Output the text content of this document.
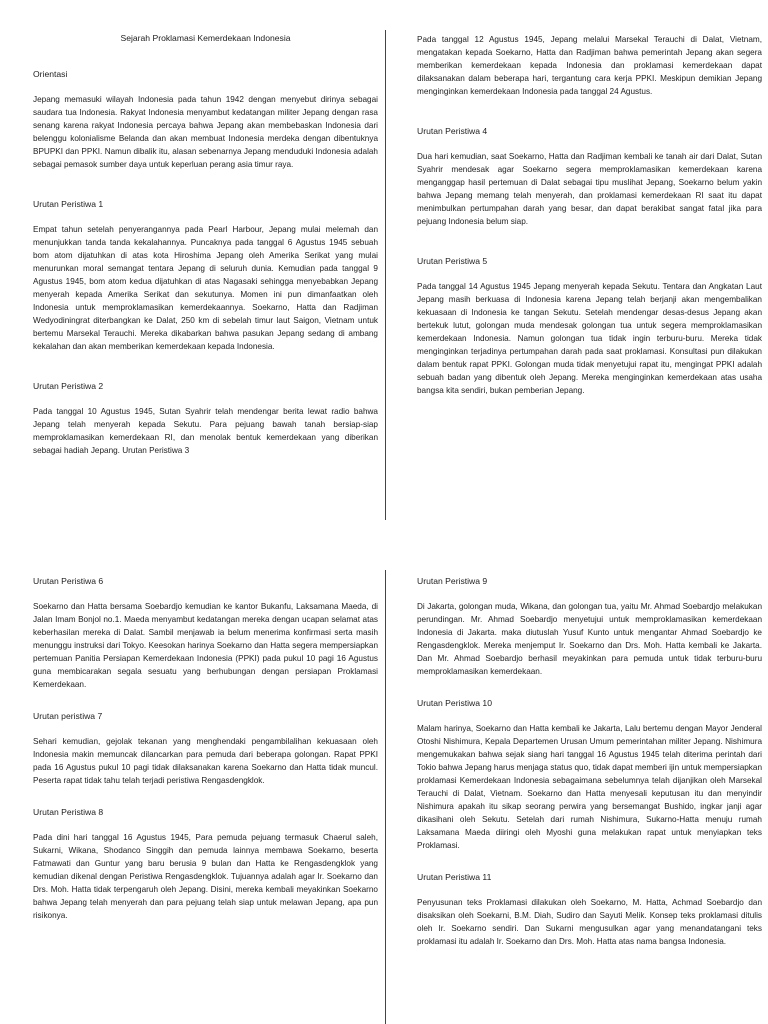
Sejarah Proklamasi Kemerdekaan Indonesia
Orientasi

Jepang memasuki wilayah Indonesia pada tahun 1942 dengan menyebut dirinya sebagai saudara tua Indonesia. Rakyat Indonesia menyambut kedatangan militer Jepang dengan rasa senang karena rakyat Indonesia percaya bahwa Jepang akan membebaskan Indonesia dari belenggu kolonialisme Belanda dan akan membuat Indonesia merdeka dengan dibentuknya BPUPKI dan PPKI. Namun dibalik itu, alasan sebenarnya Jepang menduduki Indonesia adalah sebagai pemasok sumber daya untuk keperluan perang asia timur raya.

Urutan Peristiwa 1

Empat tahun setelah penyerangannya pada Pearl Harbour, Jepang mulai melemah dan menunjukkan tanda tanda kekalahannya. Puncaknya pada tanggal 6 Agustus 1945 sebuah bom atom dijatuhkan di atas kota Hiroshima Jepang oleh Amerika Serikat yang mulai menurunkan moral semangat tentara Jepang di seluruh dunia. Kemudian pada tanggal 9 Agustus 1945, bom atom kedua dijatuhkan di atas Nagasaki sehingga menyebabkan Jepang menyerah kepada Amerika Serikat dan sekutunya. Momen ini pun dimanfaatkan oleh Indonesia untuk memproklamasikan kemerdekaannya. Soekarno, Hatta dan Radjiman Wedyodiningrat diterbangkan ke Dalat, 250 km di sebelah timur laut Saigon, Vietnam untuk bertemu Marsekal Terauchi. Mereka dikabarkan bahwa pasukan Jepang sedang di ambang kekalahan dan akan memberikan kemerdekaan kepada Indonesia.

Urutan Peristiwa 2

Pada tanggal 10 Agustus 1945, Sutan Syahrir telah mendengar berita lewat radio bahwa Jepang telah menyerah kepada Sekutu. Para pejuang bawah tanah bersiap-siap memproklamasikan kemerdekaan RI, dan menolak bentuk kemerdekaan yang diberikan sebagai hadiah Jepang. Urutan Peristiwa 3

Pada tanggal 12 Agustus 1945, Jepang melalui Marsekal Terauchi di Dalat, Vietnam, mengatakan kepada Soekarno, Hatta dan Radjiman bahwa pemerintah Jepang akan segera memberikan kemerdekaan kepada Indonesia dan proklamasi kemerdekaan dapat dilaksanakan dalam beberapa hari, tergantung cara kerja PPKI. Meskipun demikian Jepang menginginkan kemerdekaan Indonesia pada tanggal 24 Agustus.

Urutan Peristiwa 4

Dua hari kemudian, saat Soekarno, Hatta dan Radjiman kembali ke tanah air dari Dalat, Sutan Syahrir mendesak agar Soekarno segera memproklamasikan kemerdekaan karena menganggap hasil pertemuan di Dalat sebagai tipu muslihat Jepang, Soekarno belum yakin bahwa Jepang memang telah menyerah, dan proklamasi kemerdekaan RI saat itu dapat menimbulkan pertumpahan darah yang besar, dan dapat berakibat sangat fatal jika para pejuang Indonesia belum siap.

Urutan Peristiwa 5

Pada tanggal 14 Agustus 1945 Jepang menyerah kepada Sekutu. Tentara dan Angkatan Laut Jepang masih berkuasa di Indonesia karena Jepang telah berjanji akan mengembalikan kekuasaan di Indonesia ke tangan Sekutu. Setelah mendengar desas-desus Jepang akan bertekuk lutut, golongan muda mendesak golongan tua untuk segera memproklamasikan kemerdekaan Indonesia. Namun golongan tua tidak ingin terburu-buru. Mereka tidak menginginkan terjadinya pertumpahan darah pada saat proklamasi. Konsultasi pun dilakukan dalam bentuk rapat PPKI. Golongan muda tidak menyetujui rapat itu, mengingat PPKI adalah sebuah badan yang dibentuk oleh Jepang. Mereka menginginkan kemerdekaan atas usaha bangsa kita sendiri, bukan pemberian Jepang.

Urutan Peristiwa 6

Soekarno dan Hatta bersama Soebardjo kemudian ke kantor Bukanfu, Laksamana Maeda, di Jalan Imam Bonjol no.1. Maeda menyambut kedatangan mereka dengan ucapan selamat atas keberhasilan mereka di Dalat. Sambil menjawab ia belum menerima konfirmasi serta masih menunggu instruksi dari Tokyo. Keesokan harinya Soekarno dan Hatta segera mempersiapkan pertemuan Panitia Persiapan Kemerdekaan Indonesia (PPKI) pada pukul 10 pagi 16 Agustus guna membicarakan segala sesuatu yang berhubungan dengan persiapan Proklamasi Kemerdekaan.

Urutan peristiwa 7

Sehari kemudian, gejolak tekanan yang menghendaki pengambilalihan kekuasaan oleh Indonesia makin memuncak dilancarkan para pemuda dari beberapa golongan. Rapat PPKI pada 16 Agustus pukul 10 pagi tidak dilaksanakan karena Soekarno dan Hatta tidak muncul. Peserta rapat tidak tahu telah terjadi peristiwa Rengasdengklok.

Urutan Peristiwa 8

Pada dini hari tanggal 16 Agustus 1945, Para pemuda pejuang termasuk Chaerul saleh, Sukarni, Wikana, Shodanco Singgih dan pemuda lainnya membawa Soekarno, beserta Fatmawati dan Guntur yang baru berusia 9 bulan dan Hatta ke Rengasdengklok yang kemudian dikenal dengan Peristiwa Rengasdengklok. Tujuannya adalah agar Ir. Soekarno dan Drs. Moh. Hatta tidak terpengaruh oleh Jepang. Disini, mereka kembali meyakinkan Soekarno bahwa Jepang telah menyerah dan para pejuang telah siap untuk melawan Jepang, apa pun risikonya.

Urutan Peristiwa 9

Di Jakarta, golongan muda, Wikana, dan golongan tua, yaitu Mr. Ahmad Soebardjo melakukan perundingan. Mr. Ahmad Soebardjo menyetujui untuk memproklamasikan kemerdekaan Indonesia di Jakarta. maka diutuslah Yusuf Kunto untuk mengantar Ahmad Soebardjo ke Rengasdengklok. Mereka menjemput Ir. Soekarno dan Drs. Moh. Hatta kembali ke Jakarta. Dan Mr. Ahmad Soebardjo berhasil meyakinkan para pemuda untuk tidak terburu-buru memproklamasikan kemerdekaan.

Urutan Peristiwa 10

Malam harinya, Soekarno dan Hatta kembali ke Jakarta, Lalu bertemu dengan Mayor Jenderal Otoshi Nishimura, Kepala Departemen Urusan Umum pemerintahan militer Jepang. Nishimura mengemukakan bahwa sejak siang hari tanggal 16 Agustus 1945 telah diterima perintah dari Tokio bahwa Jepang harus menjaga status quo, tidak dapat memberi ijin untuk mempersiapkan proklamasi Kemerdekaan Indonesia sebagaimana sebelumnya telah dijanjikan oleh Marsekal Terauchi di Dalat, Vietnam. Soekarno dan Hatta menyesali keputusan itu dan menyindir Nishimura apakah itu sikap seorang perwira yang bersemangat Bushido, ingkar janji agar dikasihani oleh Sekutu. Setelah dari rumah Nishimura, Sukarno-Hatta menuju rumah Laksamana Maeda diiringi oleh Myoshi guna melakukan rapat untuk menyiapkan teks Proklamasi.

Urutan Peristiwa 11

Penyusunan teks Proklamasi dilakukan oleh Soekarno, M. Hatta, Achmad Soebardjo dan disaksikan oleh Soekarni, B.M. Diah, Sudiro dan Sayuti Melik. Konsep teks proklamasi ditulis oleh Ir. Soekarno sendiri. Dan Sukarni mengusulkan agar yang menandatangani teks proklamasi itu adalah Ir. Soekarno dan Drs. Moh. Hatta atas nama bangsa Indonesia.
